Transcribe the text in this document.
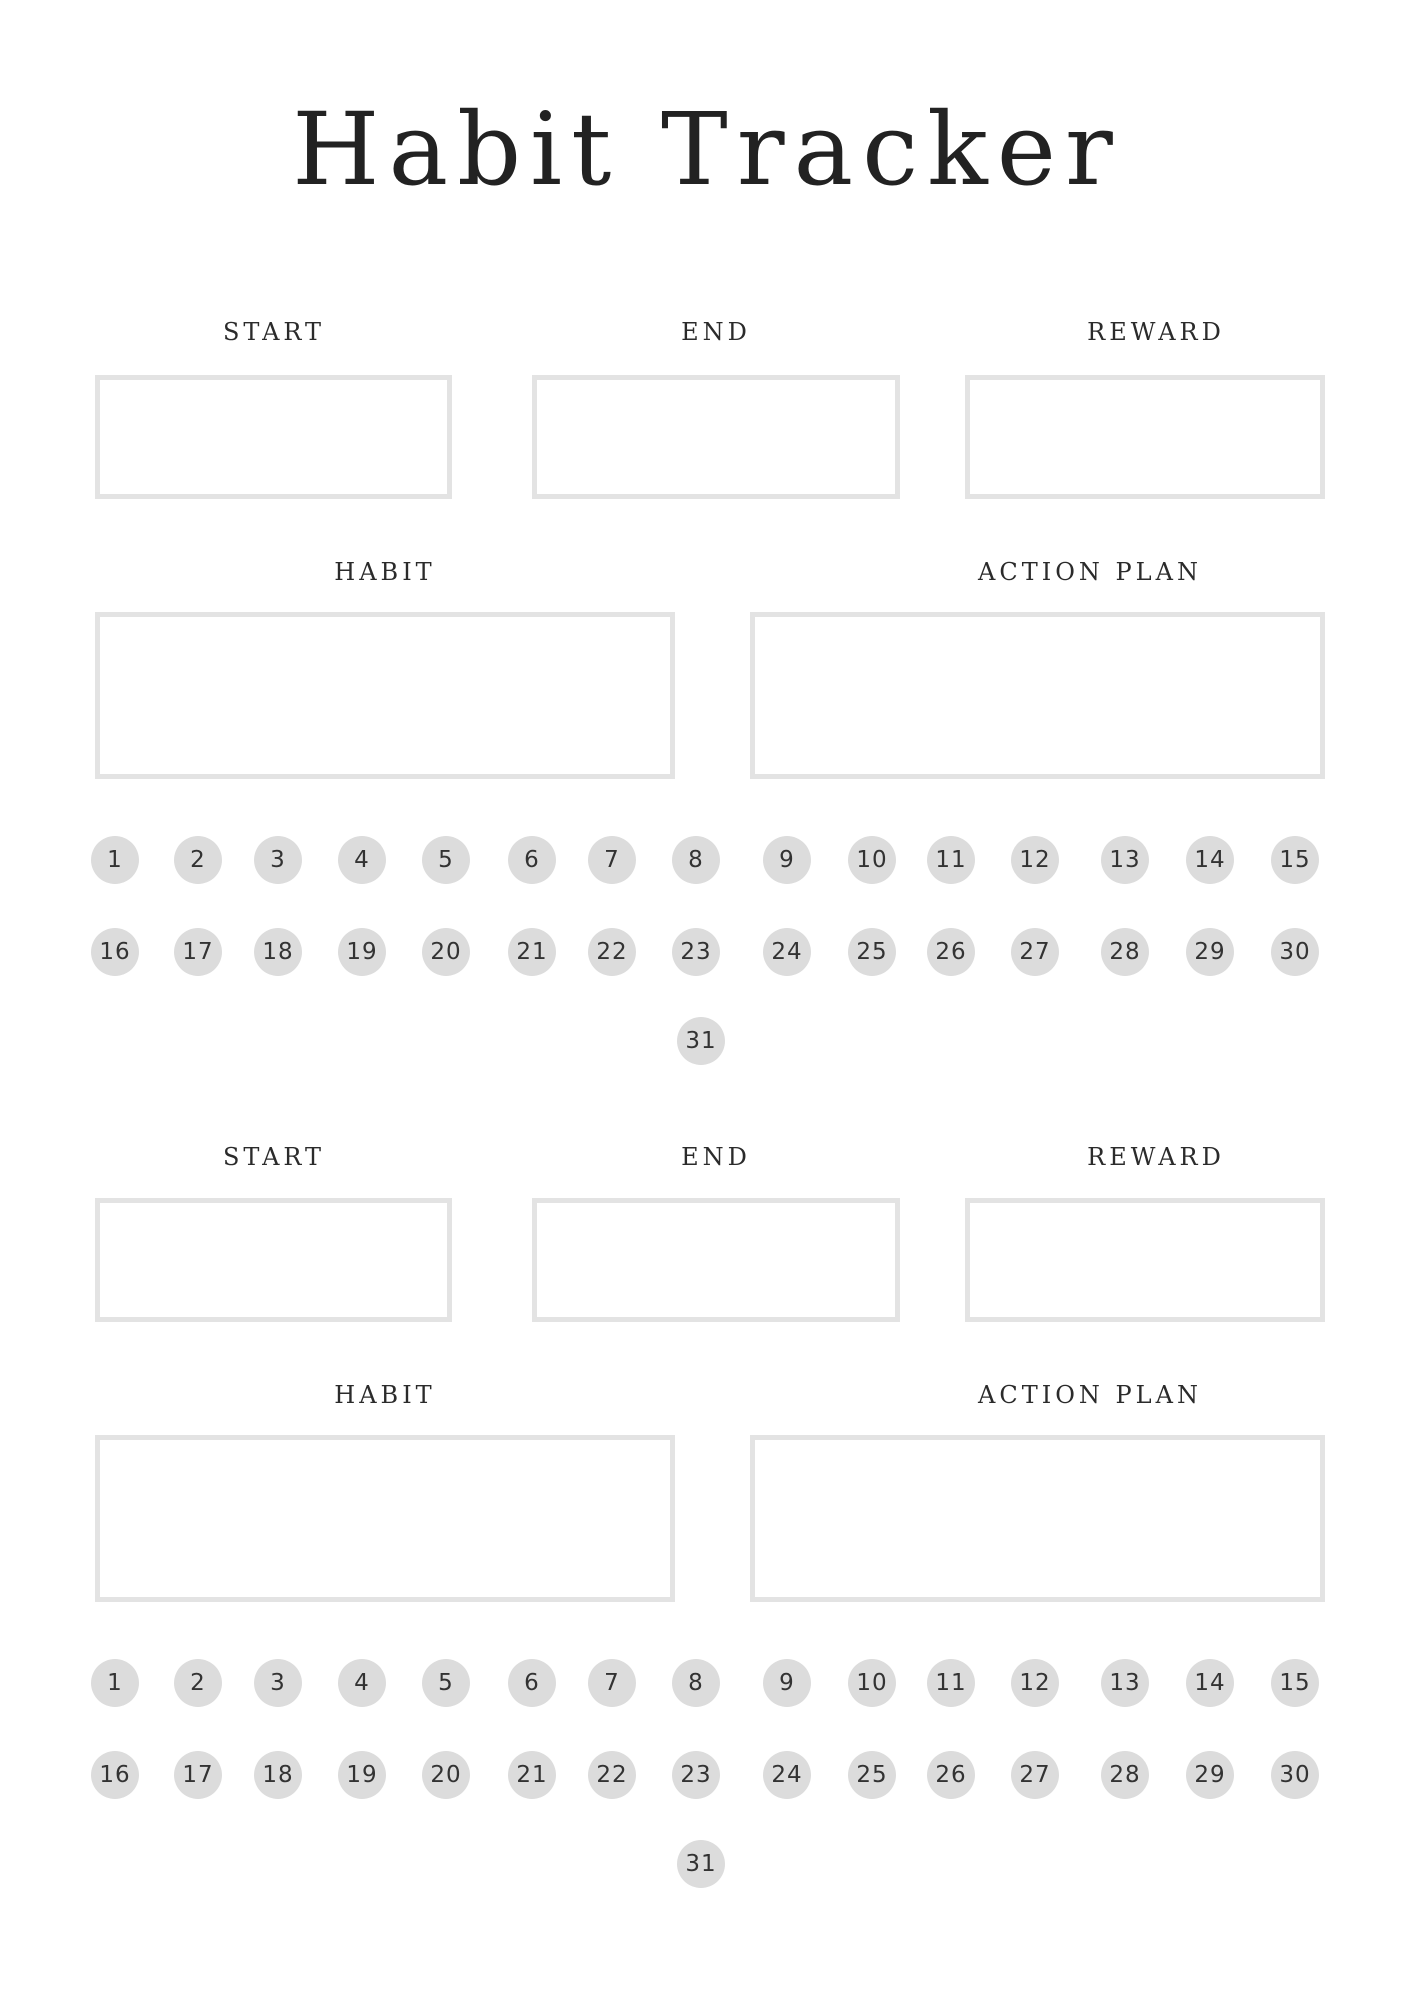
Habit Tracker
START	END	REWARD
HABIT	ACTION PLAN
1	2	3	4	5	6	7	8	9	10	11	12	13	14	15
16	17	18	19	20	21	22	23	24	25	26	27	28	29	30
31
START	END	REWARD
HABIT	ACTION PLAN
1	2	3	4	5	6	7	8	9	10	11	12	13	14	15
16	17	18	19	20	21	22	23	24	25	26	27	28	29	30
31
